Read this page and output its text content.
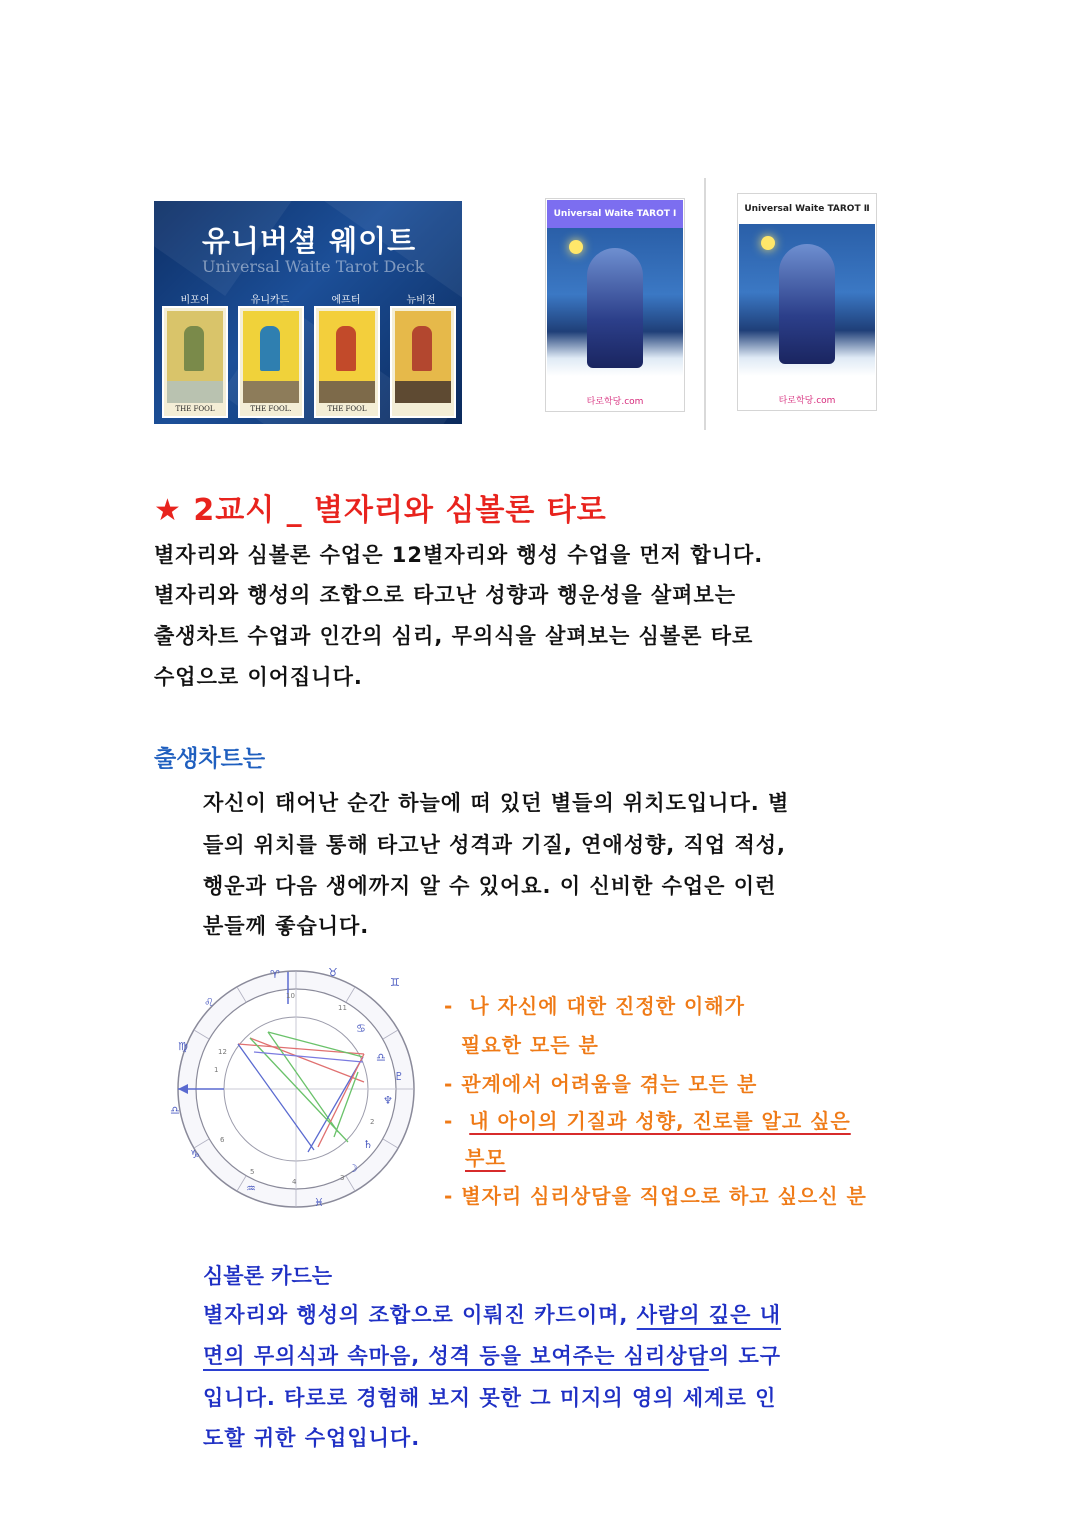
유니버셜 웨이트
Universal Waite Tarot Deck
비포어	유니카드	에프터	뉴비전
THE FOOL	THE FOOL.	THE FOOL
Universal Waite TAROT Ⅰ
타로학당.com
Universal Waite TAROT Ⅱ
타로학당.com
★ 2교시 _ 별자리와 심볼론 타로
별자리와 심볼론 수업은 12별자리와 행성 수업을 먼저 합니다.
별자리와 행성의 조합으로 타고난 성향과 행운성을 살펴보는
출생차트 수업과 인간의 심리, 무의식을 살펴보는 심볼론 타로
수업으로 이어집니다.
출생차트는
자신이 태어난 순간 하늘에 떠 있던 별들의 위치도입니다. 별
들의 위치를 통해 타고난 성격과 기질, 연애성향, 직업 적성,
행운과 다음 생에까지 알 수 있어요. 이 신비한 수업은 이런
분들께 좋습니다.
♈	♉
♊
♌
♋
♎
♆
♍
♎
♑
♒
♓
♄
☽
♇
10
11
12
1
2
3
4
5
6
- 나 자신에 대한 진정한 이해가
필요한 모든 분
- 관계에서 어려움을 겪는 모든 분
- 내 아이의 기질과 성향, 진로를 알고 싶은
부모
- 별자리 심리상담을 직업으로 하고 싶으신 분
심볼론 카드는
별자리와 행성의 조합으로 이뤄진 카드이며, 사람의 깊은 내
면의 무의식과 속마음, 성격 등을 보여주는 심리상담의 도구
입니다. 타로로 경험해 보지 못한 그 미지의 영의 세계로 인
도할 귀한 수업입니다.
